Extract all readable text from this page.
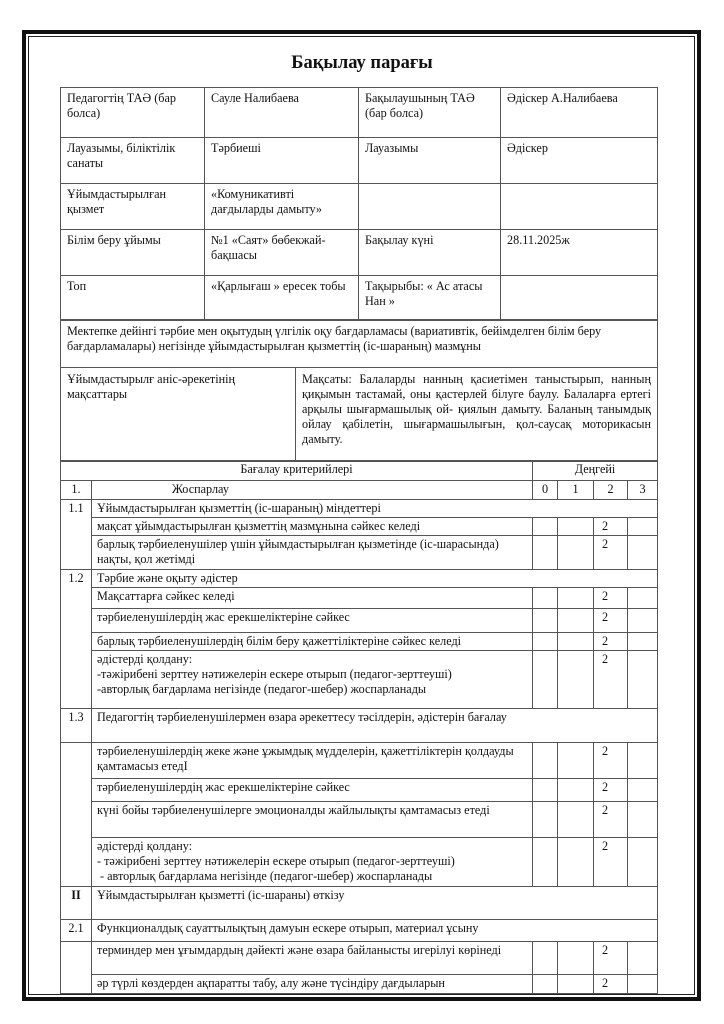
Бақылау парағы
Педагогтің ТАӘ (бар болса)	Сауле Налибаева	Бақылаушының ТАӘ (бар болса)	Әдіскер А.Налибаева
Лауазымы, біліктілік санаты	Тәрбиеші	Лауазымы	Әдіскер
Ұйымдастырылған қызмет	«Комуникативті дағдыларды дамыту»		
Білім беру ұйымы	№1 «Саят» бөбекжай-бақшасы	Бақылау күні	28.11.2025ж
Топ	«Қарлығаш » ересек тобы	Тақырыбы: « Ас атасы Нан »	
Мектепке дейінгі тәрбие мен оқытудың үлгілік оқу бағдарламасы (вариативтік, бейімделген білім беру бағдарламалары) негізінде ұйымдастырылған қызметтің (іс-шараның) мазмұны
Ұйымдастырылғ аніс-әрекетінің мақсаттары	Мақсаты: Балаларды нанның қасиетімен таныстырып, нанның қиқымын тастамай, оны қастерлей білуге баулу. Балаларға ертегі арқылы шығармашылық ой- қиялын дамыту. Баланың танымдық ойлау қабілетін, шығармашылығын, қол-саусақ моторикасын дамыту.
Бағалау критерийлері		Деңгейі			
1.	Жоспарлау	0	1	2	3
1.1	Ұйымдастырылған қызметтің (іс-шараның) міндеттері				
	мақсат ұйымдастырылған қызметтің мазмұнына сәйкес келеді			2	
	барлық тәрбиеленушілер үшін ұйымдастырылған қызметінде (іс-шарасында) нақты, қол жетімді			2	
1.2	Тәрбие және оқыту әдістер				
	Мақсаттарға сәйкес келеді			2	
	тәрбиеленушілердің жас ерекшеліктеріне сәйкес			2	
	барлық тәрбиеленушілердің білім беру қажеттіліктеріне сәйкес келеді			2	

	әдістерді қолдану:
-тәжірибені зерттеу нәтижелерін ескере отырып (педагог-зерттеуші)
-авторлық бағдарлама негізінде (педагог-шебер) жоспарланады			2	
1.3	Педагогтің тәрбиеленушілермен өзара әрекеттесу тәсілдерін, әдістерін бағалау				
	тәрбиеленушілердің жеке және ұжымдық мүдделерін, қажеттіліктерін қолдауды қамтамасыз етедІ			2	
	тәрбиеленушілердің жас ерекшеліктеріне сәйкес			2	
	күні бойы тәрбиеленушілерге эмоционалды жайлылықты қамтамасыз етеді			2	

	әдістерді қолдану:
- тәжірибені зерттеу нәтижелерін ескере отырып (педагог-зерттеуші)
- авторлық бағдарлама негізінде (педагог-шебер) жоспарланады			2	
II	Ұйымдастырылған қызметті (іс-шараны) өткізу				
2.1	Функционалдық сауаттылықтың дамуын ескере отырып, материал ұсыну				
	терминдер мен ұғымдардың дәйекті және өзара байланысты игерілуі көрінеді			2	
	әр түрлі көздерден ақпаратты табу, алу және түсіндіру дағдыларын			2	
